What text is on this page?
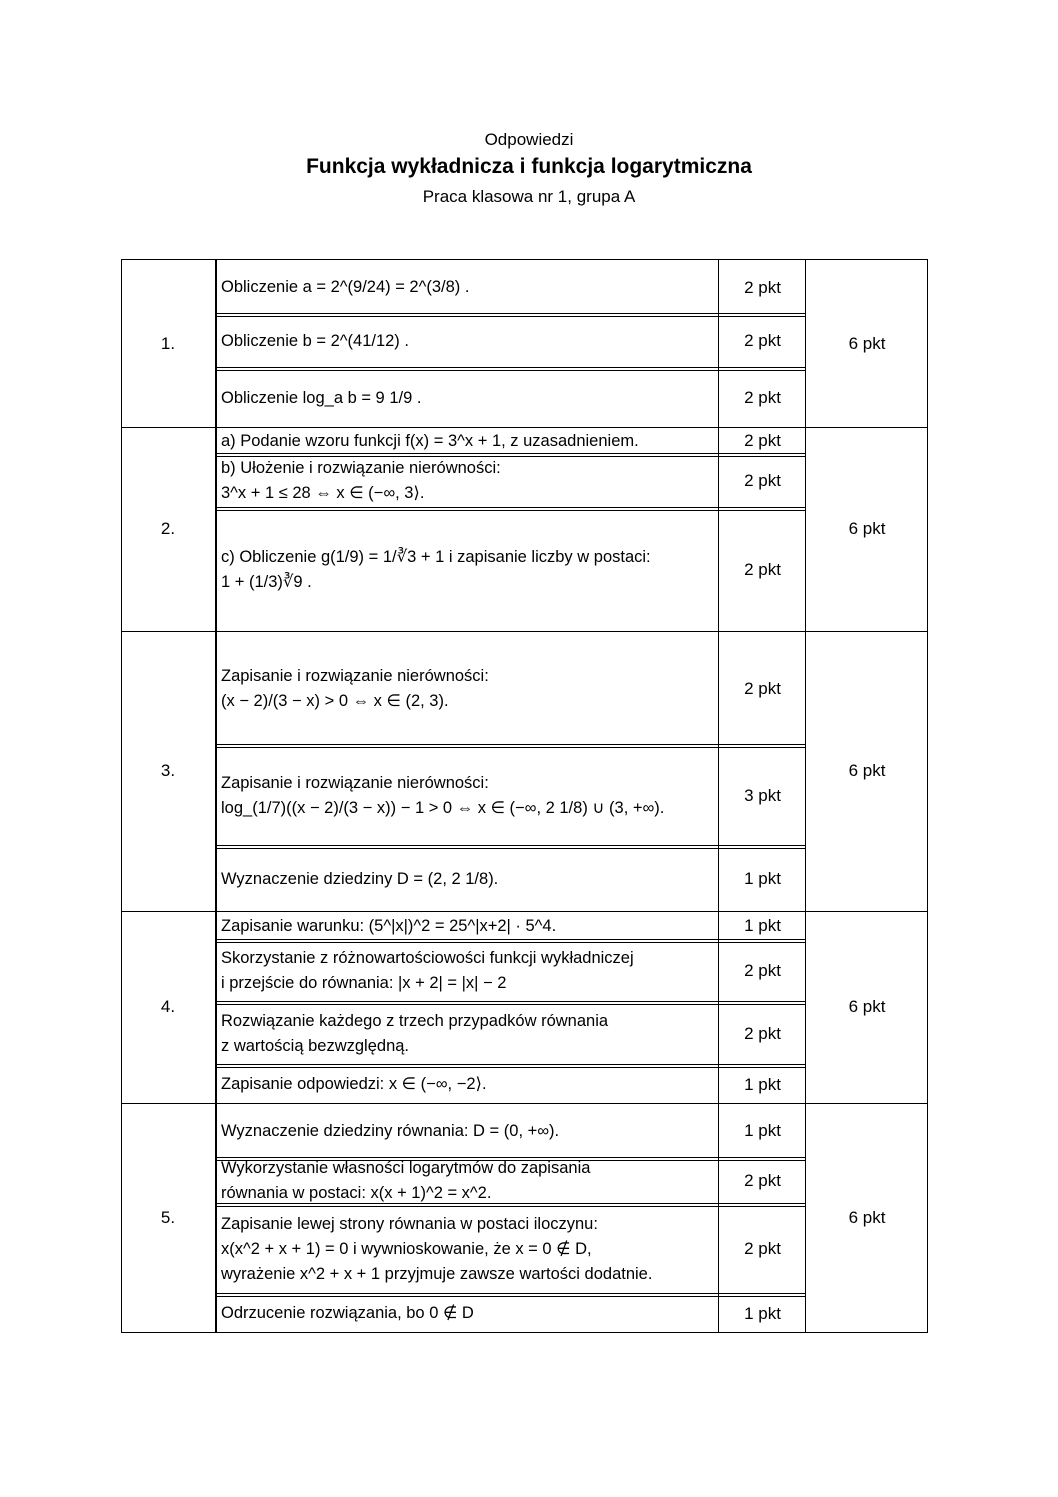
Odpowiedzi
Funkcja wykładnicza i funkcja logarytmiczna
Praca klasowa nr 1, grupa A
1.	6 pkt
Obliczenie a = 2^(9/24) = 2^(3/8) .	2 pkt
Obliczenie b = 2^(41/12) .	2 pkt
Obliczenie log_a b = 9 1/9 .	2 pkt
2.	6 pkt
a) Podanie wzoru funkcji f(x) = 3^x + 1, z uzasadnieniem.	2 pkt
b) Ułożenie i rozwiązanie nierówności:
3^x + 1 ≤ 28 ⇔ x ∈ (−∞, 3⟩.
2 pkt
c) Obliczenie g(1/9) = 1/∛3 + 1 i zapisanie liczby w postaci:
1 + (1/3)∛9 .
2 pkt
3.	6 pkt
Zapisanie i rozwiązanie nierówności:
(x − 2)/(3 − x) > 0 ⇔ x ∈ (2, 3).
2 pkt
Zapisanie i rozwiązanie nierówności:
log_(1/7)((x − 2)/(3 − x)) − 1 > 0 ⇔ x ∈ (−∞, 2 1/8) ∪ (3, +∞).
3 pkt
Wyznaczenie dziedziny D = (2, 2 1/8).	1 pkt
4.	6 pkt
Zapisanie warunku: (5^|x|)^2 = 25^|x+2| · 5^4.	1 pkt
Skorzystanie z różnowartościowości funkcji wykładniczej
i przejście do równania: |x + 2| = |x| − 2
2 pkt
Rozwiązanie każdego z trzech przypadków równania
z wartością bezwzględną.
2 pkt
Zapisanie odpowiedzi: x ∈ (−∞, −2⟩.	1 pkt
5.	6 pkt
Wyznaczenie dziedziny równania: D = (0, +∞).	1 pkt
Wykorzystanie własności logarytmów do zapisania
równania w postaci: x(x + 1)^2 = x^2.
2 pkt
Zapisanie lewej strony równania w postaci iloczynu:
x(x^2 + x + 1) = 0 i wywnioskowanie, że x = 0 ∉ D,
wyrażenie x^2 + x + 1 przyjmuje zawsze wartości dodatnie.
2 pkt
Odrzucenie rozwiązania, bo 0 ∉ D	1 pkt
